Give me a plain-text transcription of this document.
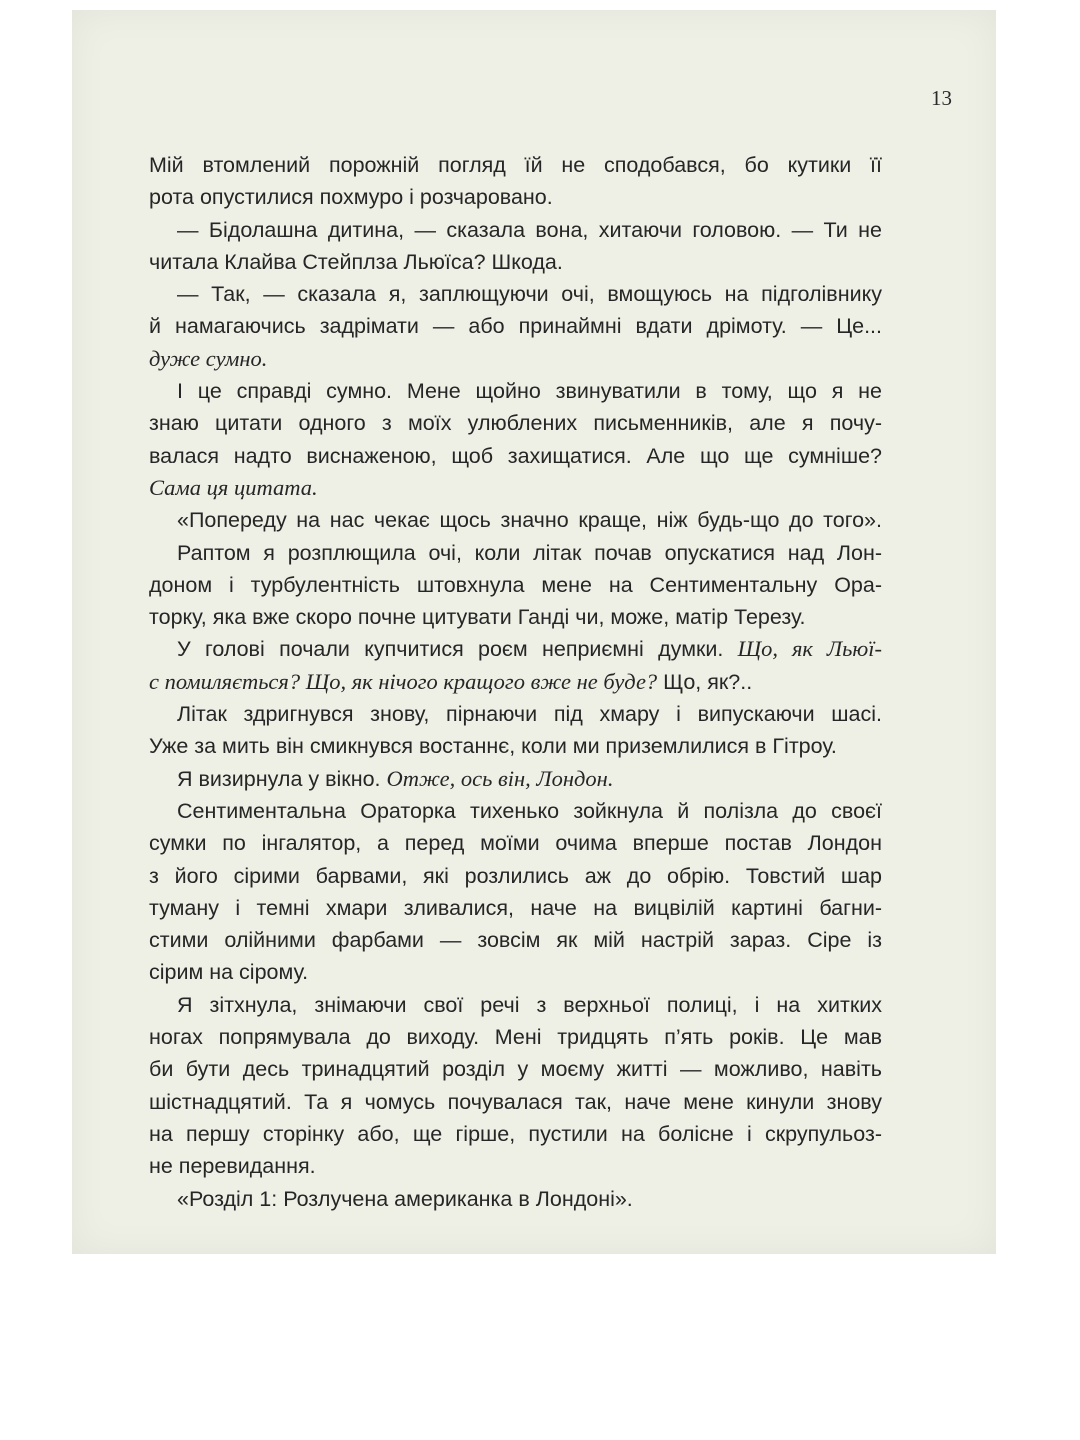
13
Мій втомлений порожній погляд їй не сподобався, бо кутики її
рота опустилися похмуро і розчаровано.
— Бідолашна дитина, — сказала вона, хитаючи головою. — Ти не
читала Клайва Стейплза Льюїса? Шкода.
— Так, — сказала я, заплющуючи очі, вмощуюсь на підголівнику
й намагаючись задрімати — або принаймні вдати дрімоту. — Це...
дуже сумно.
І це справді сумно. Мене щойно звинуватили в тому, що я не
знаю цитати одного з моїх улюблених письменників, але я почу-
валася надто виснаженою, щоб захищатися. Але що ще сумніше?
Сама ця цитата.
«Попереду на нас чекає щось значно краще, ніж будь-що до того».
Раптом я розплющила очі, коли літак почав опускатися над Лон-
доном і турбулентність штовхнула мене на Сентиментальну Ора-
торку, яка вже скоро почне цитувати Ганді чи, може, матір Терезу.
У голові почали купчитися роєм неприємні думки. Що, як Льюї-
с помиляється? Що, як нічого кращого вже не буде? Що, як?..
Літак здригнувся знову, пірнаючи під хмару і випускаючи шасі.
Уже за мить він смикнувся востаннє, коли ми приземлилися в Гітроу.
Я визирнула у вікно. Отже, ось він, Лондон.
Сентиментальна Ораторка тихенько зойкнула й полізла до своєї
сумки по інгалятор, а перед моїми очима вперше постав Лондон
з його сірими барвами, які розлились аж до обрію. Товстий шар
туману і темні хмари зливалися, наче на вицвілій картині багни-
стими олійними фарбами — зовсім як мій настрій зараз. Сіре із
сірим на сірому.
Я зітхнула, знімаючи свої речі з верхньої полиці, і на хитких
ногах попрямувала до виходу. Мені тридцять п’ять років. Це мав
би бути десь тринадцятий розділ у моєму житті — можливо, навіть
шістнадцятий. Та я чомусь почувалася так, наче мене кинули знову
на першу сторінку або, ще гірше, пустили на болісне і скрупульоз-
не перевидання.
«Розділ 1: Розлучена американка в Лондоні».
